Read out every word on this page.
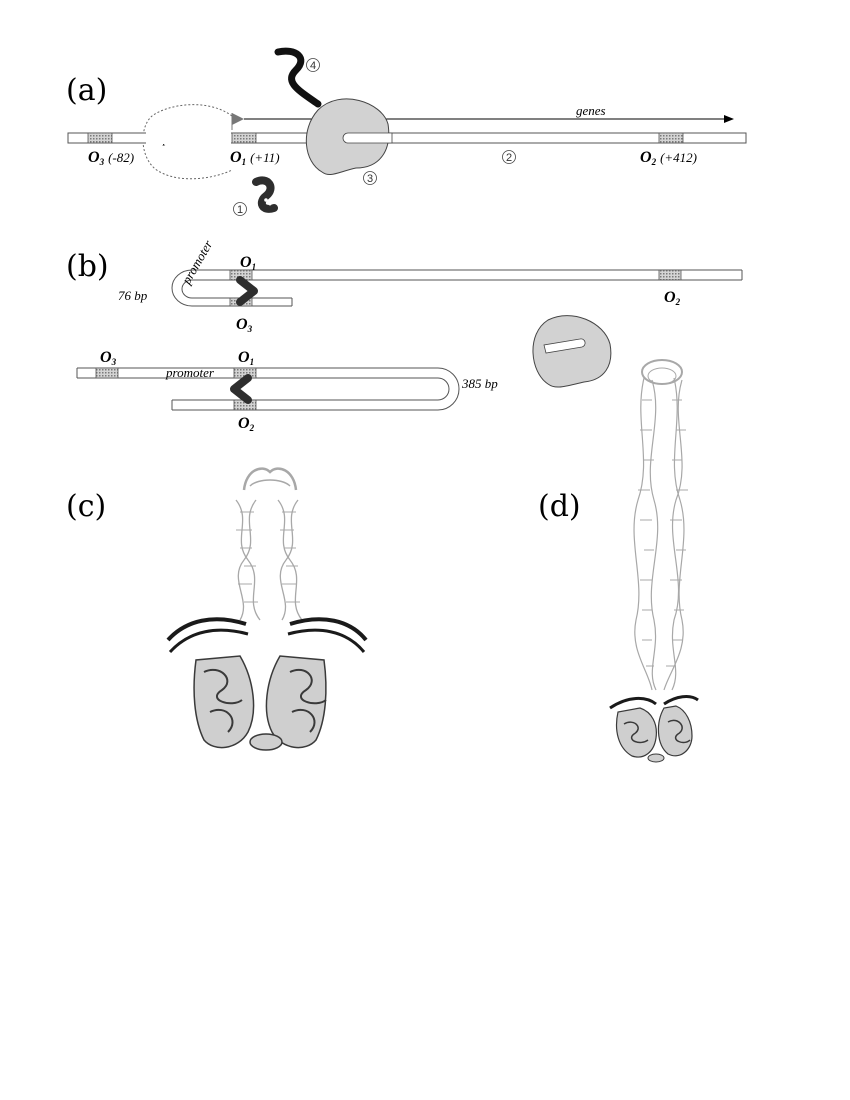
(a)
O3 (-82)	O1 (+11)	O2 (+412)
genes
1
2
3
4
(b)
76 bp
promoter O1
O3
O2
promoter
385 bp
O3	O1
O2
(c)	(d)
